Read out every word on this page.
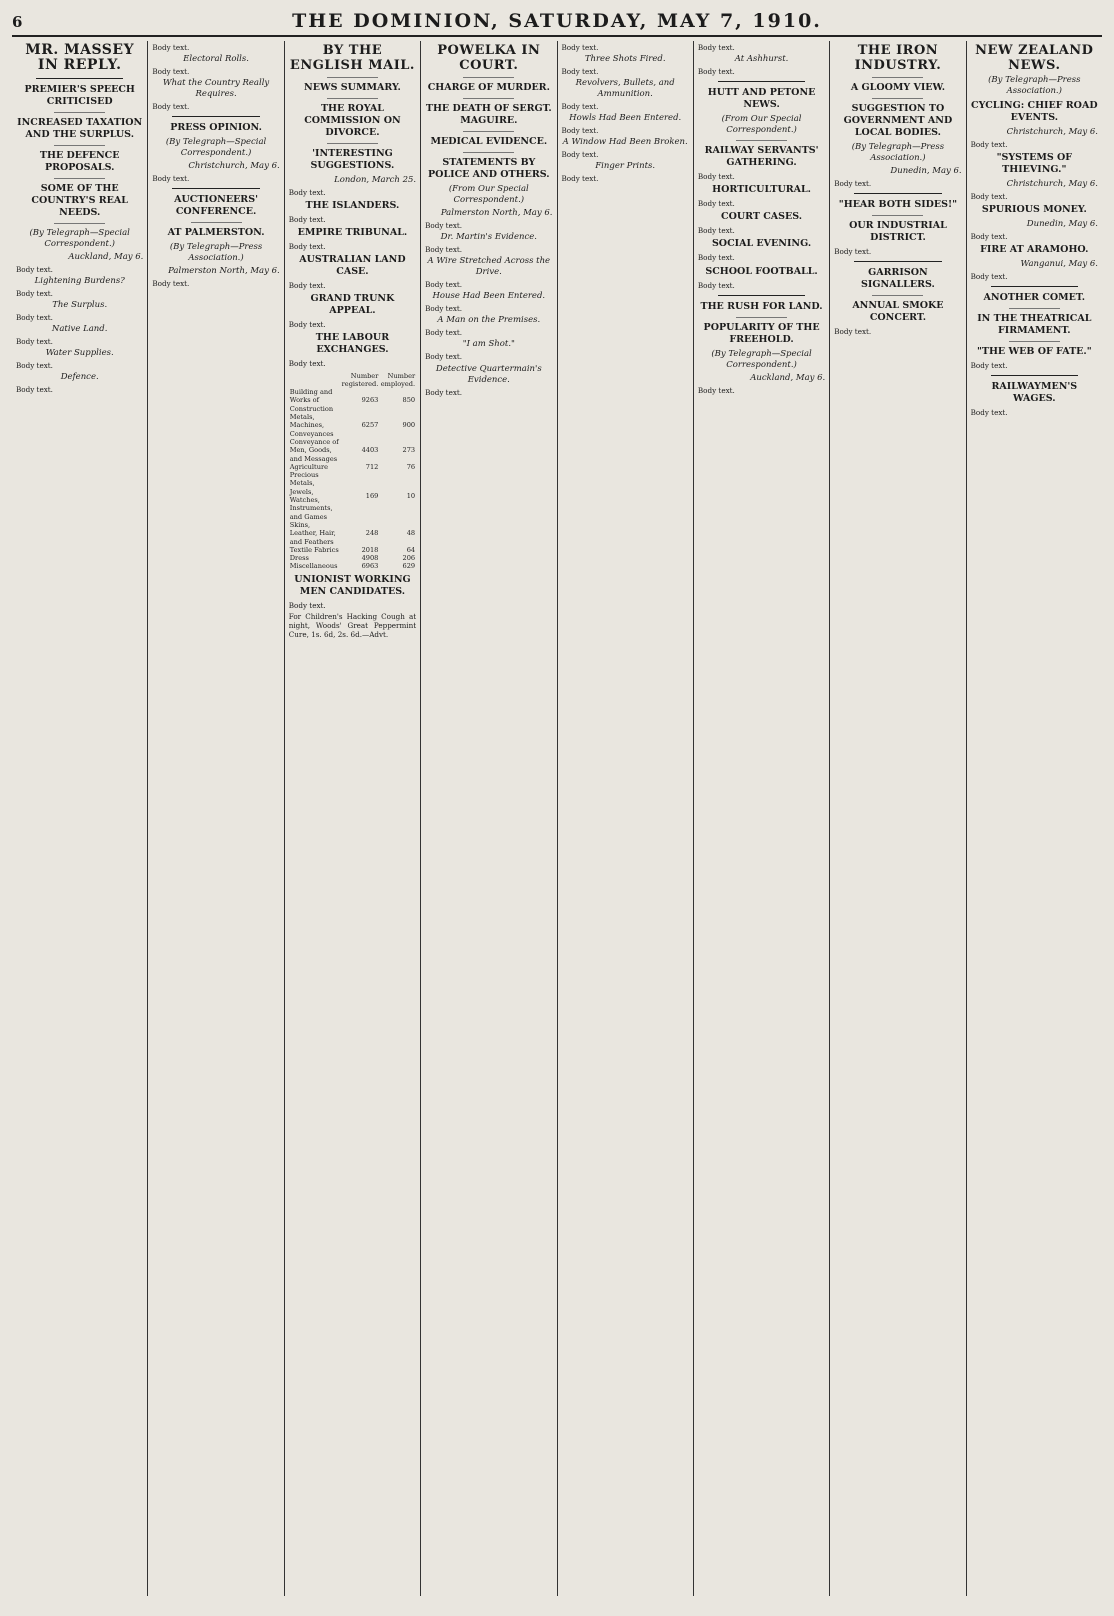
6	THE DOMINION, SATURDAY, MAY 7, 1910.
MR. MASSEY IN REPLY.
PREMIER'S SPEECH CRITICISED
INCREASED TAXATION AND THE SURPLUS.
THE DEFENCE PROPOSALS.
SOME OF THE COUNTRY'S REAL NEEDS.
(By Telegraph—Special Correspondent.)
Auckland, May 6.

Body text.

Lightening Burdens?

Body text.

The Surplus.

Body text.

Native Land.

Body text.

Water Supplies.

Body text.

Defence.

Body text.

Body text.

Electoral Rolls.

Body text.

What the Country Really Requires.

Body text.

PRESS OPINION.
(By Telegraph—Special Correspondent.)
Christchurch, May 6.

Body text.

AUCTIONEERS' CONFERENCE.
AT PALMERSTON.
(By Telegraph—Press Association.)
Palmerston North, May 6.

Body text.

BY THE ENGLISH MAIL.
NEWS SUMMARY.
THE ROYAL COMMISSION ON DIVORCE.
'INTERESTING SUGGESTIONS.
London, March 25.

Body text.

THE ISLANDERS.

Body text.

EMPIRE TRIBUNAL.

Body text.

AUSTRALIAN LAND CASE.

Body text.

GRAND TRUNK APPEAL.

Body text.

THE LABOUR EXCHANGES.

Body text.

	Number registered.	Number employed.
Building and Works of Construction	9263	850
Metals, Machines, Conveyances	6257	900
Conveyance of Men, Goods, and Messages	4403	273
Agriculture	712	76
Precious Metals, Jewels, Watches, Instruments, and Games	169	10
Skins, Leather, Hair, and Feathers	248	48
Textile Fabrics	2018	64
Dress	4908	206
Miscellaneous	6963	629
UNIONIST WORKING MEN CANDIDATES.

Body text.

For Children's Hacking Cough at night, Woods' Great Peppermint Cure, 1s. 6d, 2s. 6d.—Advt.

POWELKA IN COURT.
CHARGE OF MURDER.
THE DEATH OF SERGT. MAGUIRE.
MEDICAL EVIDENCE.
STATEMENTS BY POLICE AND OTHERS.
(From Our Special Correspondent.)
Palmerston North, May 6.

Body text.

Dr. Martin's Evidence.

Body text.

A Wire Stretched Across the Drive.

Body text.

House Had Been Entered.

Body text.

A Man on the Premises.

Body text.

"I am Shot."

Body text.

Detective Quartermain's Evidence.

Body text.

Body text.

Three Shots Fired.

Body text.

Revolvers, Bullets, and Ammunition.

Body text.

Howls Had Been Entered.

Body text.

A Window Had Been Broken.

Body text.

Finger Prints.

Body text.

Body text.

At Ashhurst.

Body text.

HUTT AND PETONE NEWS.
(From Our Special Correspondent.)
RAILWAY SERVANTS' GATHERING.

Body text.

HORTICULTURAL.

Body text.

COURT CASES.

Body text.

SOCIAL EVENING.

Body text.

SCHOOL FOOTBALL.

Body text.

THE RUSH FOR LAND.
POPULARITY OF THE FREEHOLD.
(By Telegraph—Special Correspondent.)
Auckland, May 6.

Body text.

THE IRON INDUSTRY.
A GLOOMY VIEW.
SUGGESTION TO GOVERNMENT AND LOCAL BODIES.
(By Telegraph—Press Association.)
Dunedin, May 6.

Body text.

"HEAR BOTH SIDES!"
OUR INDUSTRIAL DISTRICT.

Body text.

GARRISON SIGNALLERS.
ANNUAL SMOKE CONCERT.

Body text.

NEW ZEALAND NEWS.
(By Telegraph—Press Association.)
CYCLING: CHIEF ROAD EVENTS.
Christchurch, May 6.

Body text.

"SYSTEMS OF THIEVING."
Christchurch, May 6.

Body text.

SPURIOUS MONEY.
Dunedin, May 6.

Body text.

FIRE AT ARAMOHO.
Wanganui, May 6.

Body text.

ANOTHER COMET.
IN THE THEATRICAL FIRMAMENT.
"THE WEB OF FATE."

Body text.

RAILWAYMEN'S WAGES.

Body text.
